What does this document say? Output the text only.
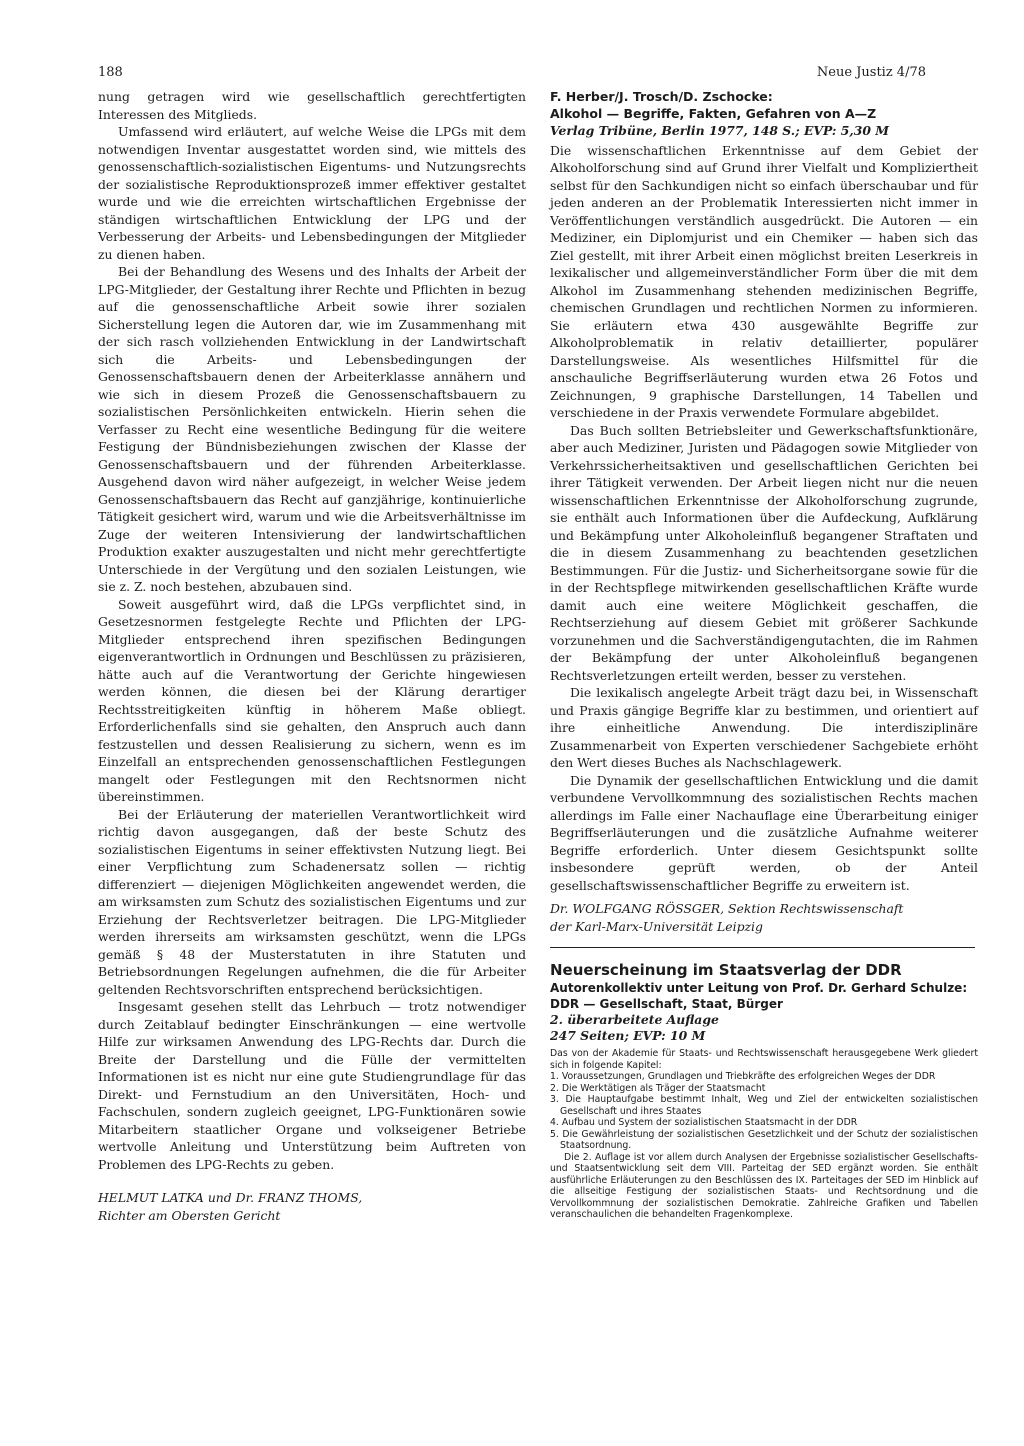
188	Neue Justiz 4/78

nung getragen wird wie gesellschaftlich gerechtfertigten Interessen des Mitglieds.

Umfassend wird erläutert, auf welche Weise die LPGs mit dem notwendigen Inventar ausgestattet worden sind, wie mittels des genossenschaftlich-sozialistischen Eigentums- und Nutzungsrechts der sozialistische Reproduktionsprozeß immer effektiver gestaltet wurde und wie die erreichten wirtschaftlichen Ergebnisse der ständigen wirtschaftlichen Entwicklung der LPG und der Verbesserung der Arbeits- und Lebensbedingungen der Mitglieder zu dienen haben.

Bei der Behandlung des Wesens und des Inhalts der Arbeit der LPG-Mitglieder, der Gestaltung ihrer Rechte und Pflichten in bezug auf die genossenschaftliche Arbeit sowie ihrer sozialen Sicherstellung legen die Autoren dar, wie im Zusammenhang mit der sich rasch vollziehenden Entwicklung in der Landwirtschaft sich die Arbeits- und Lebensbedingungen der Genossenschaftsbauern denen der Arbeiterklasse annähern und wie sich in diesem Prozeß die Genossenschaftsbauern zu sozialistischen Persönlichkeiten entwickeln. Hierin sehen die Verfasser zu Recht eine wesentliche Bedingung für die weitere Festigung der Bündnisbeziehungen zwischen der Klasse der Genossenschaftsbauern und der führenden Arbeiterklasse. Ausgehend davon wird näher aufgezeigt, in welcher Weise jedem Genossenschaftsbauern das Recht auf ganzjährige, kontinuierliche Tätigkeit gesichert wird, warum und wie die Arbeitsverhältnisse im Zuge der weiteren Intensivierung der landwirtschaftlichen Produktion exakter auszugestalten und nicht mehr gerechtfertigte Unterschiede in der Vergütung und den sozialen Leistungen, wie sie z. Z. noch bestehen, abzubauen sind.

Soweit ausgeführt wird, daß die LPGs verpflichtet sind, in Gesetzesnormen festgelegte Rechte und Pflichten der LPG-Mitglieder entsprechend ihren spezifischen Bedingungen eigenverantwortlich in Ordnungen und Beschlüssen zu präzisieren, hätte auch auf die Verantwortung der Gerichte hingewiesen werden können, die diesen bei der Klärung derartiger Rechtsstreitigkeiten künftig in höherem Maße obliegt. Erforderlichenfalls sind sie gehalten, den Anspruch auch dann festzustellen und dessen Realisierung zu sichern, wenn es im Einzelfall an entsprechenden genossenschaftlichen Festlegungen mangelt oder Festlegungen mit den Rechtsnormen nicht übereinstimmen.

Bei der Erläuterung der materiellen Verantwortlichkeit wird richtig davon ausgegangen, daß der beste Schutz des sozialistischen Eigentums in seiner effektivsten Nutzung liegt. Bei einer Verpflichtung zum Schadenersatz sollen — richtig differenziert — diejenigen Möglichkeiten angewendet werden, die am wirksamsten zum Schutz des sozialistischen Eigentums und zur Erziehung der Rechtsverletzer beitragen. Die LPG-Mitglieder werden ihrerseits am wirksamsten geschützt, wenn die LPGs gemäß § 48 der Musterstatuten in ihre Statuten und Betriebsordnungen Regelungen aufnehmen, die die für Arbeiter geltenden Rechtsvorschriften entsprechend berücksichtigen.

Insgesamt gesehen stellt das Lehrbuch — trotz notwendiger durch Zeitablauf bedingter Einschränkungen — eine wertvolle Hilfe zur wirksamen Anwendung des LPG-Rechts dar. Durch die Breite der Darstellung und die Fülle der vermittelten Informationen ist es nicht nur eine gute Studiengrundlage für das Direkt- und Fernstudium an den Universitäten, Hoch- und Fachschulen, sondern zugleich geeignet, LPG-Funktionären sowie Mitarbeitern staatlicher Organe und volkseigener Betriebe wertvolle Anleitung und Unterstützung beim Auftreten von Problemen des LPG-Rechts zu geben.

HELMUT LATKA und Dr. FRANZ THOMS,
Richter am Obersten Gericht
F. Herber/J. Trosch/D. Zschocke:
Alkohol — Begriffe, Fakten, Gefahren von A—Z
Verlag Tribüne, Berlin 1977, 148 S.; EVP: 5,30 M

Die wissenschaftlichen Erkenntnisse auf dem Gebiet der Alkoholforschung sind auf Grund ihrer Vielfalt und Kompliziertheit selbst für den Sachkundigen nicht so einfach überschaubar und für jeden anderen an der Problematik Interessierten nicht immer in Veröffentlichungen verständlich ausgedrückt. Die Autoren — ein Mediziner, ein Diplomjurist und ein Chemiker — haben sich das Ziel gestellt, mit ihrer Arbeit einen möglichst breiten Leserkreis in lexikalischer und allgemeinverständlicher Form über die mit dem Alkohol im Zusammenhang stehenden medizinischen Begriffe, chemischen Grundlagen und rechtlichen Normen zu informieren. Sie erläutern etwa 430 ausgewählte Begriffe zur Alkoholproblematik in relativ detaillierter, populärer Darstellungsweise. Als wesentliches Hilfsmittel für die anschauliche Begriffserläuterung wurden etwa 26 Fotos und Zeichnungen, 9 graphische Darstellungen, 14 Tabellen und verschiedene in der Praxis verwendete Formulare abgebildet.

Das Buch sollten Betriebsleiter und Gewerkschaftsfunktionäre, aber auch Mediziner, Juristen und Pädagogen sowie Mitglieder von Verkehrssicherheitsaktiven und gesellschaftlichen Gerichten bei ihrer Tätigkeit verwenden. Der Arbeit liegen nicht nur die neuen wissenschaftlichen Erkenntnisse der Alkoholforschung zugrunde, sie enthält auch Informationen über die Aufdeckung, Aufklärung und Bekämpfung unter Alkoholeinfluß begangener Straftaten und die in diesem Zusammenhang zu beachtenden gesetzlichen Bestimmungen. Für die Justiz- und Sicherheitsorgane sowie für die in der Rechtspflege mitwirkenden gesellschaftlichen Kräfte wurde damit auch eine weitere Möglichkeit geschaffen, die Rechtserziehung auf diesem Gebiet mit größerer Sachkunde vorzunehmen und die Sachverständigengutachten, die im Rahmen der Bekämpfung der unter Alkoholeinfluß begangenen Rechtsverletzungen erteilt werden, besser zu verstehen.

Die lexikalisch angelegte Arbeit trägt dazu bei, in Wissenschaft und Praxis gängige Begriffe klar zu bestimmen, und orientiert auf ihre einheitliche Anwendung. Die interdisziplinäre Zusammenarbeit von Experten verschiedener Sachgebiete erhöht den Wert dieses Buches als Nachschlagewerk.

Die Dynamik der gesellschaftlichen Entwicklung und die damit verbundene Vervollkommnung des sozialistischen Rechts machen allerdings im Falle einer Nachauflage eine Überarbeitung einiger Begriffserläuterungen und die zusätzliche Aufnahme weiterer Begriffe erforderlich. Unter diesem Gesichtspunkt sollte insbesondere geprüft werden, ob der Anteil gesellschaftswissenschaftlicher Begriffe zu erweitern ist.

Dr. WOLFGANG RÖSSGER, Sektion Rechtswissenschaft
der Karl-Marx-Universität Leipzig
Neuerscheinung im Staatsverlag der DDR
Autorenkollektiv unter Leitung von Prof. Dr. Gerhard Schulze:
DDR — Gesellschaft, Staat, Bürger
2. überarbeitete Auflage
247 Seiten; EVP: 10 M
Das von der Akademie für Staats- und Rechtswissenschaft herausgegebene Werk gliedert sich in folgende Kapitel:
1. Voraussetzungen, Grundlagen und Triebkräfte des erfolgreichen Weges der DDR
2. Die Werktätigen als Träger der Staatsmacht
3. Die Hauptaufgabe bestimmt Inhalt, Weg und Ziel der entwickelten sozialistischen Gesellschaft und ihres Staates
4. Aufbau und System der sozialistischen Staatsmacht in der DDR
5. Die Gewährleistung der sozialistischen Gesetzlichkeit und der Schutz der sozialistischen Staatsordnung.

Die 2. Auflage ist vor allem durch Analysen der Ergebnisse sozialistischer Gesellschafts- und Staatsentwicklung seit dem VIII. Parteitag der SED ergänzt worden. Sie enthält ausführliche Erläuterungen zu den Beschlüssen des IX. Parteitages der SED im Hinblick auf die allseitige Festigung der sozialistischen Staats- und Rechtsordnung und die Vervollkommnung der sozialistischen Demokratie. Zahlreiche Grafiken und Tabellen veranschaulichen die behandelten Fragenkomplexe.
